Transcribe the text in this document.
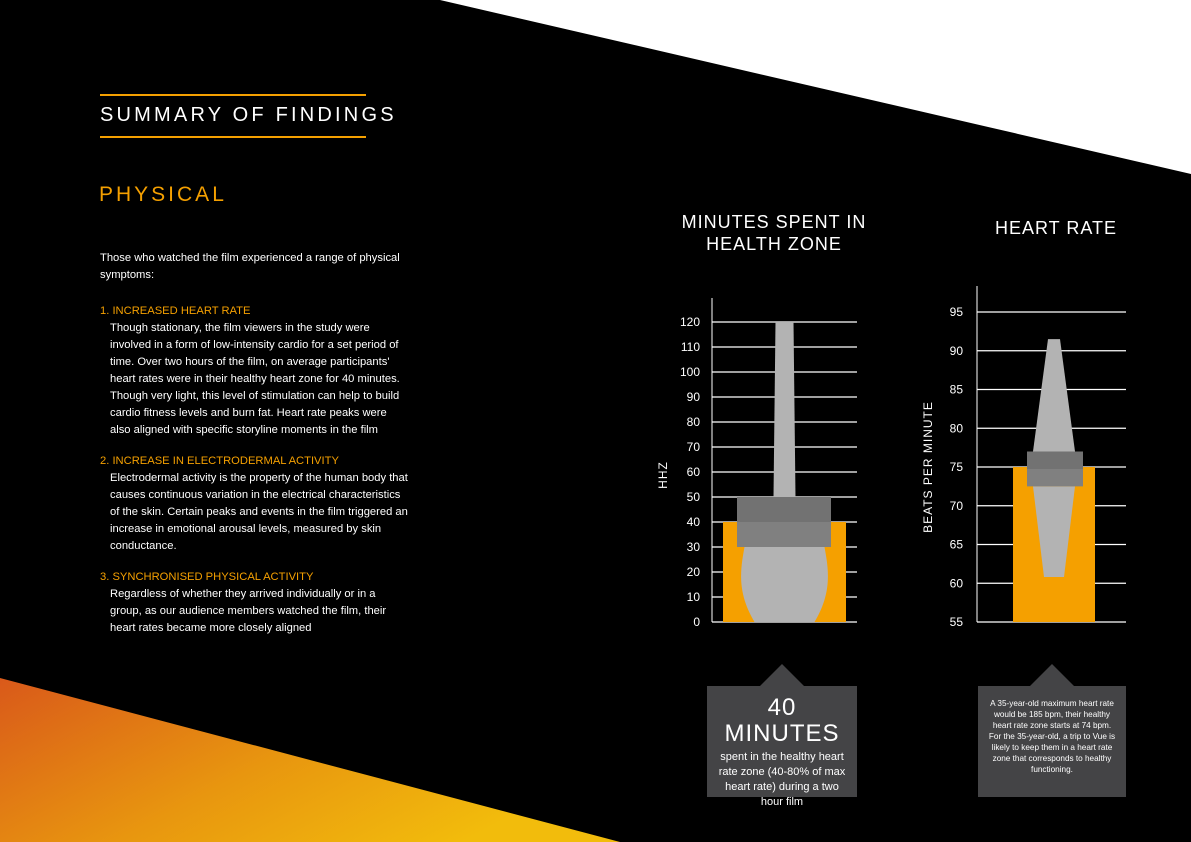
SUMMARY OF FINDINGS
PHYSICAL

Those who watched the film experienced a range of physical symptoms:

1. INCREASED HEART RATE

Though stationary, the film viewers in the study were involved in a form of low-intensity cardio for a set period of time. Over two hours of the film, on average participants' heart rates were in their healthy heart zone for 40 minutes. Though very light, this level of stimulation can help to build cardio fitness levels and burn fat. Heart rate peaks were also aligned with specific storyline moments in the film

2. INCREASE IN ELECTRODERMAL ACTIVITY

Electrodermal activity is the property of the human body that causes continuous variation in the electrical characteristics of the skin. Certain peaks and events in the film triggered an increase in emotional arousal levels, measured by skin conductance.

3. SYNCHRONISED PHYSICAL ACTIVITY

Regardless of whether they arrived individually or in a group, as our audience members watched the film, their heart rates became more closely aligned

MINUTES SPENT IN HEALTH ZONE
HEART RATE
0
10
20
30
40
50
60
70
80
90
100
110
120
HHZ
55
60
65
70
75
80
85
90
95
BEATS PER MINUTE
40 MINUTES
spent in the healthy heart rate zone (40-80% of max heart rate) during a two hour film
A 35-year-old maximum heart rate would be 185 bpm, their healthy heart rate zone starts at 74 bpm. For the 35-year-old, a trip to Vue is likely to keep them in a heart rate zone that corresponds to healthy functioning.
